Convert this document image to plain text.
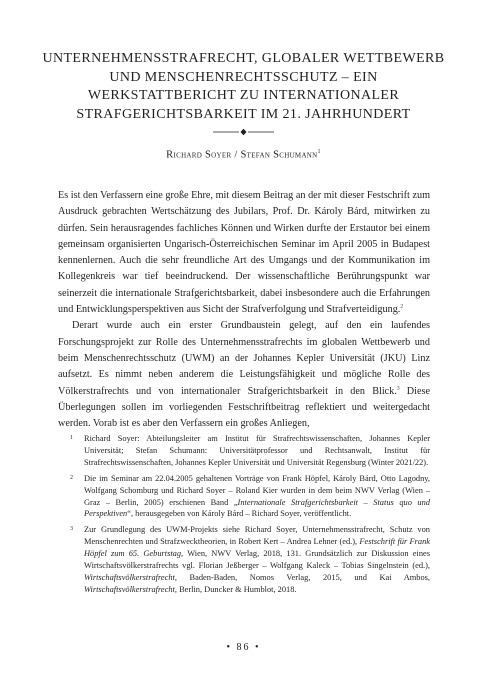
UNTERNEHMENSSTRAFRECHT, GLOBALER WETTBEWERB UND MENSCHENRECHTSSCHUTZ – EIN WERKSTATTBERICHT ZU INTERNATIONALER STRAFGERICHTSBARKEIT IM 21. JAHRHUNDERT
Richard Soyer / Stefan Schumann$^1$

Es ist den Verfassern eine große Ehre, mit diesem Beitrag an der mit dieser Festschrift zum Ausdruck gebrachten Wertschätzung des Jubilars, Prof. Dr. Károly Bárd, mitwirken zu dürfen. Sein herausragendes fachliches Können und Wirken durfte der Erstautor bei einem gemeinsam organisierten Ungarisch-Österreichischen Seminar im April 2005 in Budapest kennenlernen. Auch die sehr freundliche Art des Umgangs und der Kommunikation im Kollegenkreis war tief beeindruckend. Der wissenschaftliche Berührungspunkt war seinerzeit die internationale Strafgerichtsbarkeit, dabei insbesondere auch die Erfahrungen und Entwicklungsperspektiven aus Sicht der Strafverfolgung und Strafverteidigung.$^2$

Derart wurde auch ein erster Grundbaustein gelegt, auf den ein laufendes Forschungsprojekt zur Rolle des Unternehmensstrafrechts im globalen Wettbewerb und beim Menschenrechtsschutz (UWM) an der Johannes Kepler Universität (JKU) Linz aufsetzt. Es nimmt neben anderem die Leistungsfähigkeit und mögliche Rolle des Völkerstrafrechts und von internationaler Strafgerichtsbarkeit in den Blick.$^3$ Diese Überlegungen sollen im vorliegenden Festschriftbeitrag reflektiert und weitergedacht werden. Vorab ist es aber den Verfassern ein großes Anliegen,

1	Richard Soyer: Abteilungsleiter am Institut für Strafrechtswissenschaften, Johannes Kepler Universität; Stefan Schumann: Universitätprofessor und Rechtsanwalt, Institut für Strafrechtswissenschaften, Johannes Kepler Universität und Universität Regensburg (Winter 2021/22).
2	Die im Seminar am 22.04.2005 gehaltenen Vorträge von Frank Höpfel, Károly Bárd, Otto Lagodny, Wolfgang Schomburg und Richard Soyer – Roland Kier wurden in dem beim NWV Verlag (Wien – Graz – Berlin, 2005) erschienen Band „Internationale Strafgerichtsbarkeit – Status quo und Perspektiven“, herausgegeben von Károly Bárd – Richard Soyer, veröffentlicht.
3	Zur Grundlegung des UWM-Projekts siehe Richard Soyer, Unternehmensstrafrecht, Schutz von Menschenrechten und Strafzwecktheorien, in Robert Kert – Andrea Lehner (ed.), Festschrift für Frank Höpfel zum 65. Geburtstag, Wien, NWV Verlag, 2018, 131. Grundsätzlich zur Diskussion eines Wirtschaftsvölkerstrafrechts vgl. Florian Jeßberger – Wolfgang Kaleck – Tobias Singelnstein (ed.), Wirtschaftsvölkerstrafrecht, Baden-Baden, Nomos Verlag, 2015, und Kai Ambos, Wirtschaftsvölkerstrafrecht, Berlin, Duncker & Humblot, 2018.
• 86 •
